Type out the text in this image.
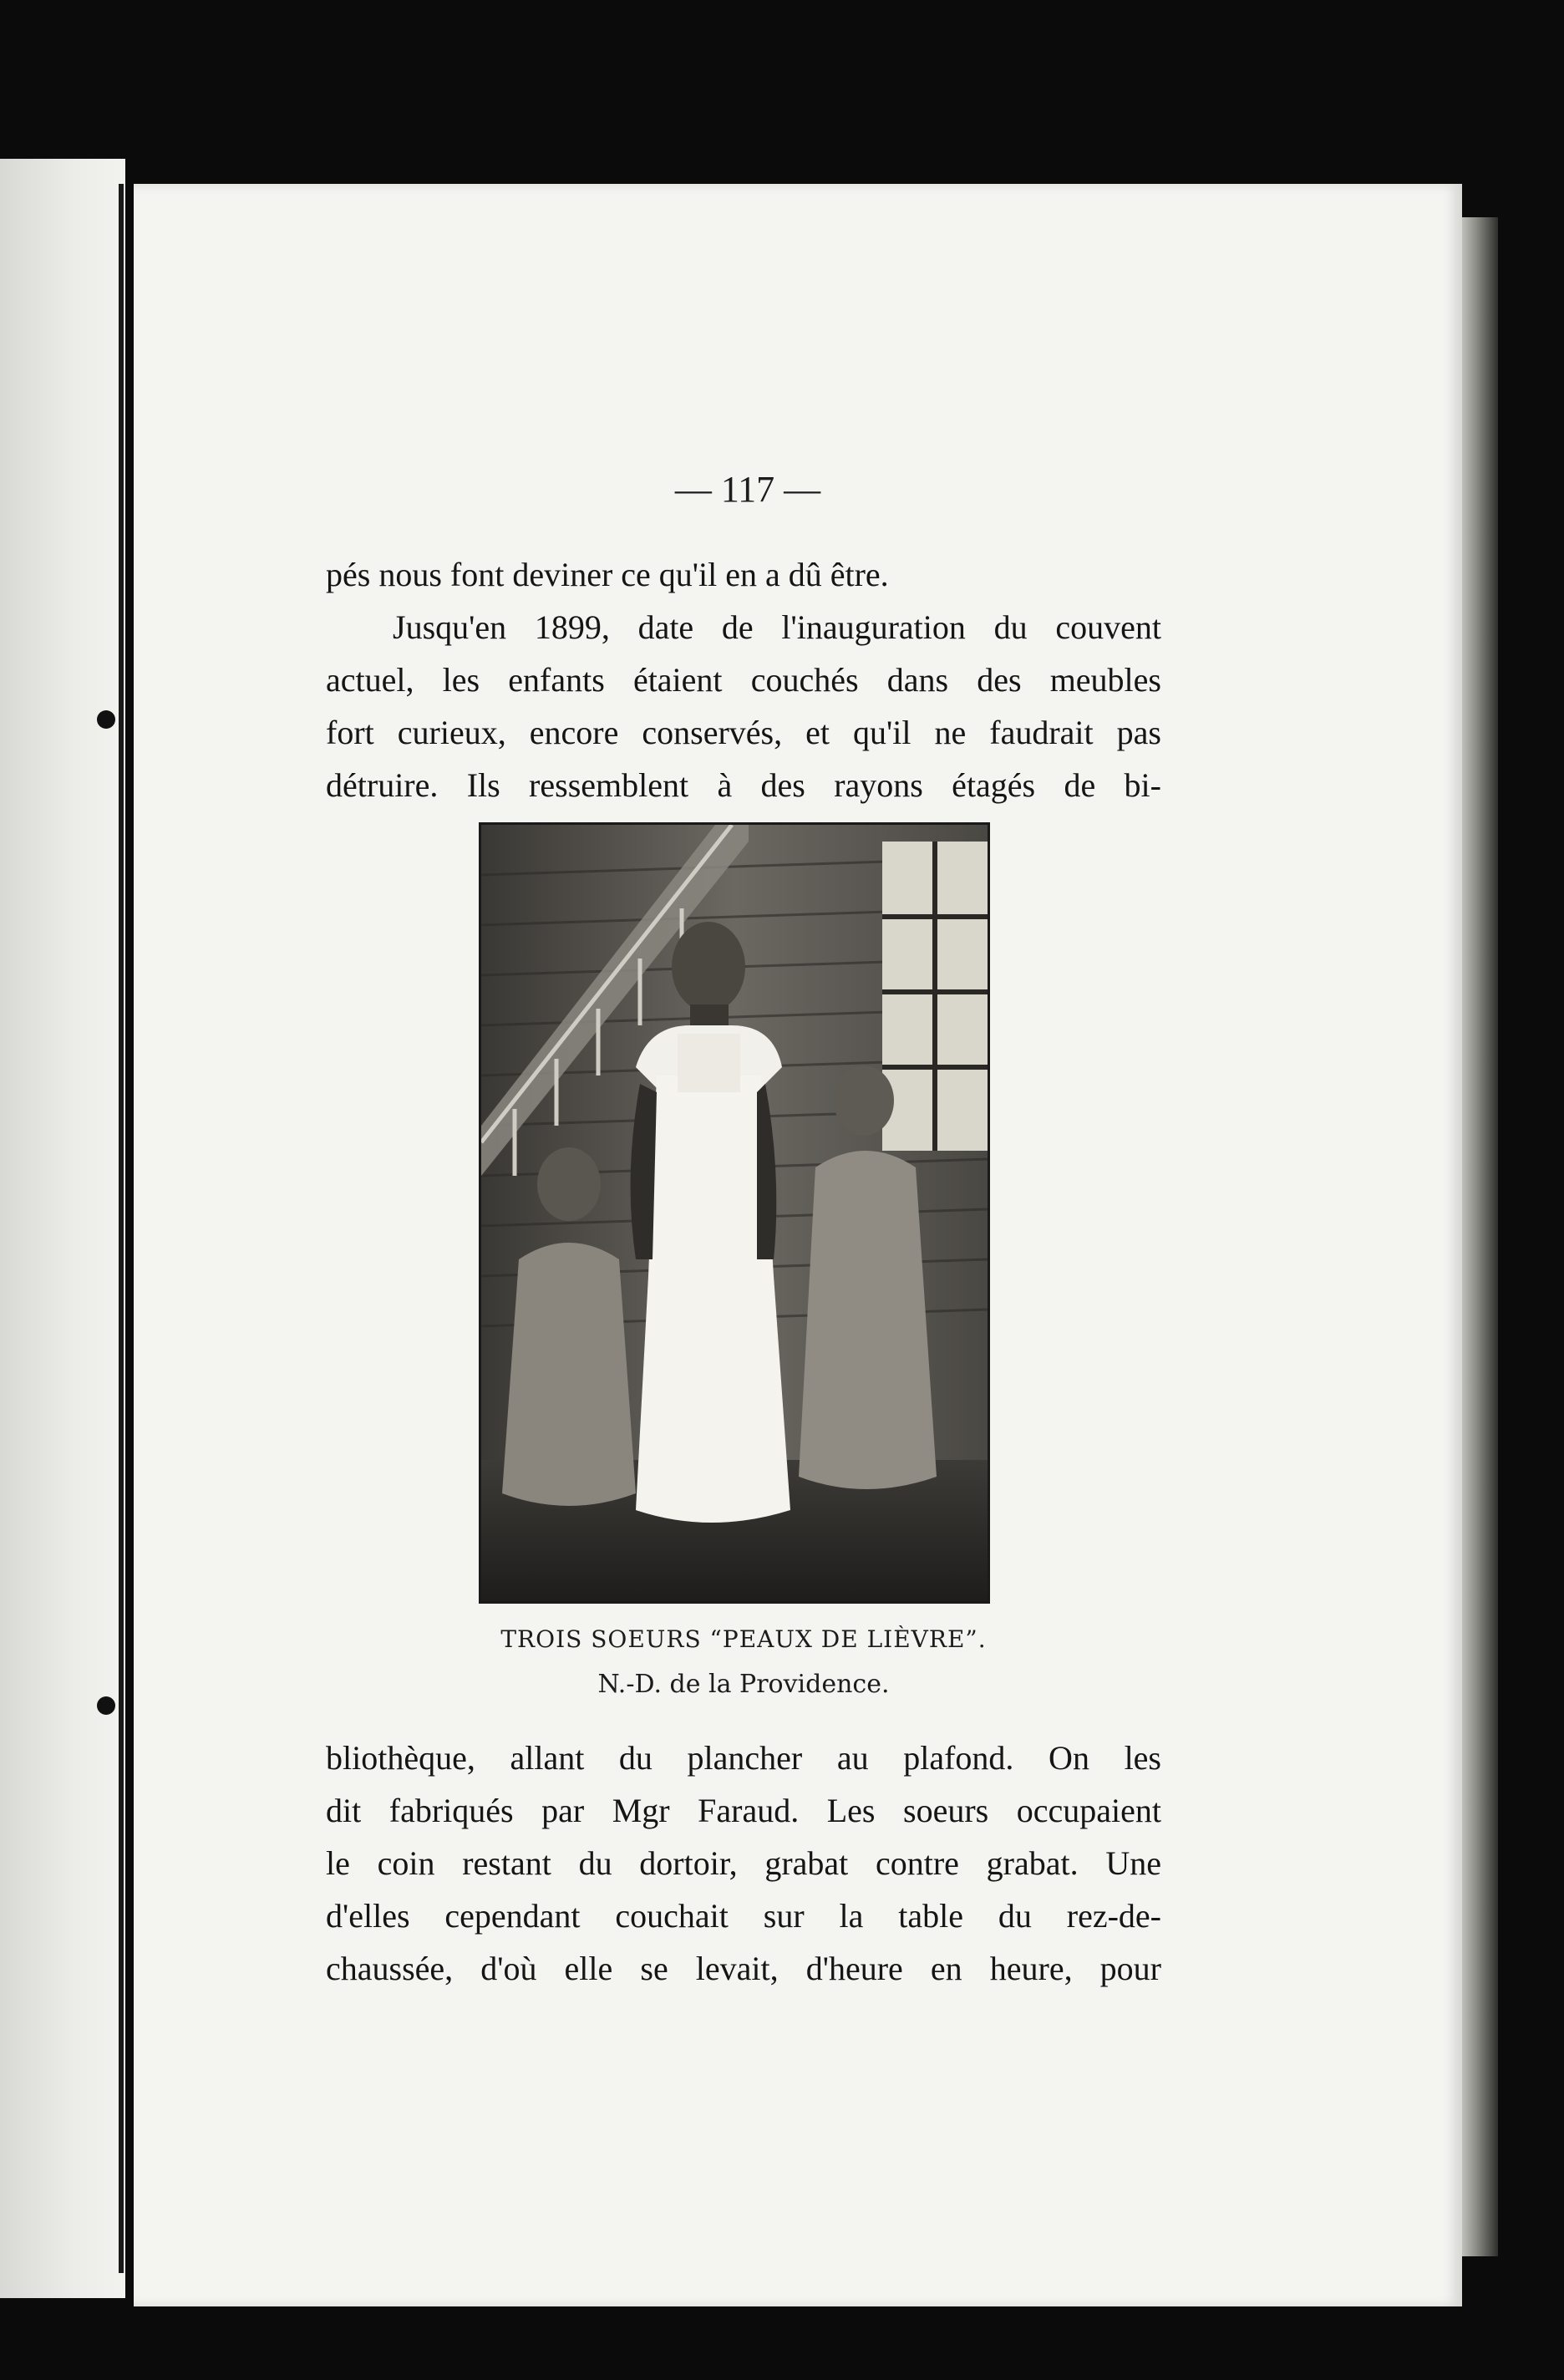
— 117 —

pés nous font deviner ce qu'il en a dû être.

Jusqu'en 1899, date de l'inauguration du couvent

actuel, les enfants étaient couchés dans des meubles

fort curieux, encore conservés, et qu'il ne faudrait pas

détruire. Ils ressemblent à des rayons étagés de bi-

TROIS SOEURS “PEAUX DE LIÈVRE”.

N.-D. de la Providence.

bliothèque, allant du plancher au plafond. On les

dit fabriqués par Mgr Faraud. Les soeurs occupaient

le coin restant du dortoir, grabat contre grabat. Une

d'elles cependant couchait sur la table du rez-de-

chaussée, d'où elle se levait, d'heure en heure, pour
